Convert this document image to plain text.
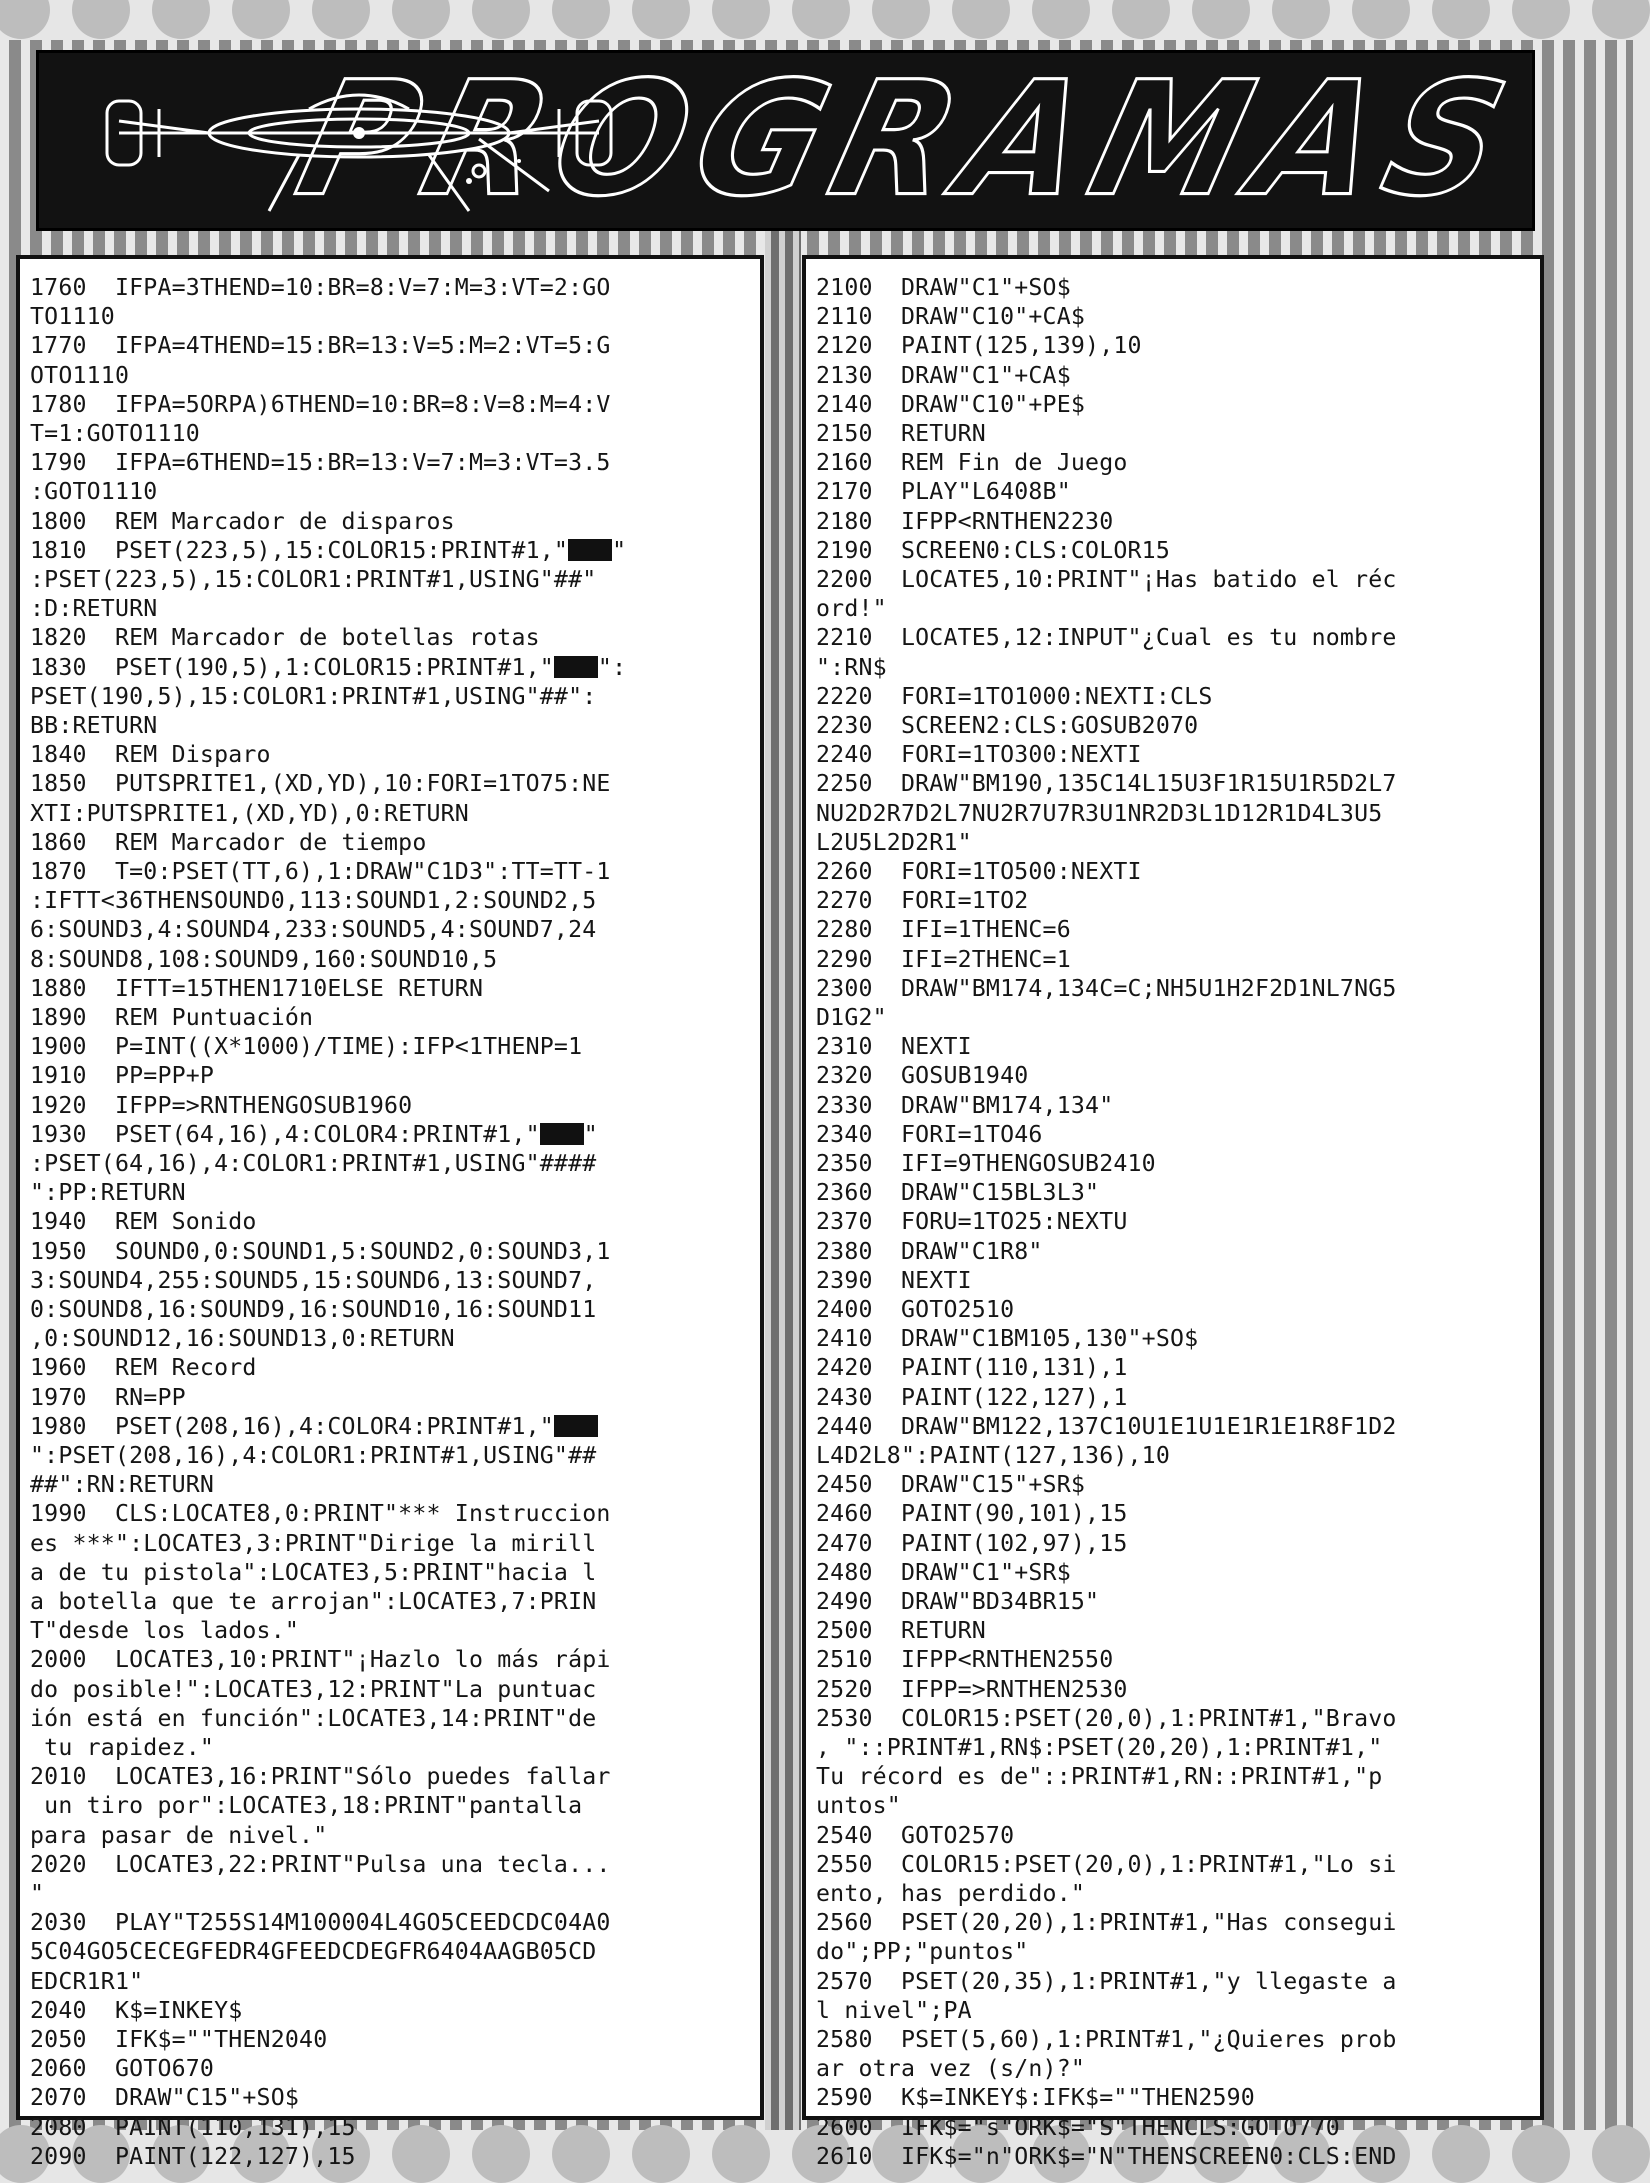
PROGRAMAS
1760  IFPA=3THEND=10:BR=8:V=7:M=3:VT=2:GO
TO1110
1770  IFPA=4THEND=15:BR=13:V=5:M=2:VT=5:G
OTO1110
1780  IFPA=5ORPA)6THEND=10:BR=8:V=8:M=4:V
T=1:GOTO1110
1790  IFPA=6THEND=15:BR=13:V=7:M=3:VT=3.5
:GOTO1110
1800  REM Marcador de disparos
1810  PSET(223,5),15:COLOR15:PRINT#1," "
:PSET(223,5),15:COLOR1:PRINT#1,USING"##"
:D:RETURN
1820  REM Marcador de botellas rotas
1830  PSET(190,5),1:COLOR15:PRINT#1," ":
PSET(190,5),15:COLOR1:PRINT#1,USING"##":
BB:RETURN
1840  REM Disparo
1850  PUTSPRITE1,(XD,YD),10:FORI=1TO75:NE
XTI:PUTSPRITE1,(XD,YD),0:RETURN
1860  REM Marcador de tiempo
1870  T=0:PSET(TT,6),1:DRAW"C1D3":TT=TT-1
:IFTT<36THENSOUND0,113:SOUND1,2:SOUND2,5
6:SOUND3,4:SOUND4,233:SOUND5,4:SOUND7,24
8:SOUND8,108:SOUND9,160:SOUND10,5
1880  IFTT=15THEN1710ELSE RETURN
1890  REM Puntuación
1900  P=INT((X*1000)/TIME):IFP<1THENP=1
1910  PP=PP+P
1920  IFPP=>RNTHENGOSUB1960
1930  PSET(64,16),4:COLOR4:PRINT#1," "
:PSET(64,16),4:COLOR1:PRINT#1,USING"####
":PP:RETURN
1940  REM Sonido
1950  SOUND0,0:SOUND1,5:SOUND2,0:SOUND3,1
3:SOUND4,255:SOUND5,15:SOUND6,13:SOUND7,
0:SOUND8,16:SOUND9,16:SOUND10,16:SOUND11
,0:SOUND12,16:SOUND13,0:RETURN
1960  REM Record
1970  RN=PP
1980  PSET(208,16),4:COLOR4:PRINT#1,"
":PSET(208,16),4:COLOR1:PRINT#1,USING"##
##":RN:RETURN
1990  CLS:LOCATE8,0:PRINT"*** Instruccion
es ***":LOCATE3,3:PRINT"Dirige la mirill
a de tu pistola":LOCATE3,5:PRINT"hacia l
a botella que te arrojan":LOCATE3,7:PRIN
T"desde los lados."
2000  LOCATE3,10:PRINT"¡Hazlo lo más rápi
do posible!":LOCATE3,12:PRINT"La puntuac
ión está en función":LOCATE3,14:PRINT"de
tu rapidez."
2010  LOCATE3,16:PRINT"Sólo puedes fallar
un tiro por":LOCATE3,18:PRINT"pantalla
para pasar de nivel."
2020  LOCATE3,22:PRINT"Pulsa una tecla...
"
2030  PLAY"T255S14M100004L4GO5CEEDCDC04A0
5C04GO5CECEGFEDR4GFEEDCDEGFR6404AAGB05CD
EDCR1R1"
2040  K$=INKEY$
2050  IFK$=""THEN2040
2060  GOTO670
2070  DRAW"C15"+SO$
2080  PAINT(110,131),15
2090  PAINT(122,127),15
2100  DRAW"C1"+SO$
2110  DRAW"C10"+CA$
2120  PAINT(125,139),10
2130  DRAW"C1"+CA$
2140  DRAW"C10"+PE$
2150  RETURN
2160  REM Fin de Juego
2170  PLAY"L6408B"
2180  IFPP<RNTHEN2230
2190  SCREEN0:CLS:COLOR15
2200  LOCATE5,10:PRINT"¡Has batido el réc
ord!"
2210  LOCATE5,12:INPUT"¿Cual es tu nombre
":RN$
2220  FORI=1TO1000:NEXTI:CLS
2230  SCREEN2:CLS:GOSUB2070
2240  FORI=1TO300:NEXTI
2250  DRAW"BM190,135C14L15U3F1R15U1R5D2L7
NU2D2R7D2L7NU2R7U7R3U1NR2D3L1D12R1D4L3U5
L2U5L2D2R1"
2260  FORI=1TO500:NEXTI
2270  FORI=1TO2
2280  IFI=1THENC=6
2290  IFI=2THENC=1
2300  DRAW"BM174,134C=C;NH5U1H2F2D1NL7NG5
D1G2"
2310  NEXTI
2320  GOSUB1940
2330  DRAW"BM174,134"
2340  FORI=1TO46
2350  IFI=9THENGOSUB2410
2360  DRAW"C15BL3L3"
2370  FORU=1TO25:NEXTU
2380  DRAW"C1R8"
2390  NEXTI
2400  GOTO2510
2410  DRAW"C1BM105,130"+SO$
2420  PAINT(110,131),1
2430  PAINT(122,127),1
2440  DRAW"BM122,137C10U1E1U1E1R1E1R8F1D2
L4D2L8":PAINT(127,136),10
2450  DRAW"C15"+SR$
2460  PAINT(90,101),15
2470  PAINT(102,97),15
2480  DRAW"C1"+SR$
2490  DRAW"BD34BR15"
2500  RETURN
2510  IFPP<RNTHEN2550
2520  IFPP=>RNTHEN2530
2530  COLOR15:PSET(20,0),1:PRINT#1,"Bravo
, "::PRINT#1,RN$:PSET(20,20),1:PRINT#1,"
Tu récord es de"::PRINT#1,RN::PRINT#1,"p
untos"
2540  GOTO2570
2550  COLOR15:PSET(20,0),1:PRINT#1,"Lo si
ento, has perdido."
2560  PSET(20,20),1:PRINT#1,"Has consegui
do";PP;"puntos"
2570  PSET(20,35),1:PRINT#1,"y llegaste a
l nivel";PA
2580  PSET(5,60),1:PRINT#1,"¿Quieres prob
ar otra vez (s/n)?"
2590  K$=INKEY$:IFK$=""THEN2590
2600  IFK$="s"ORK$="S"THENCLS:GOTO770
2610  IFK$="n"ORK$="N"THENSCREEN0:CLS:END
